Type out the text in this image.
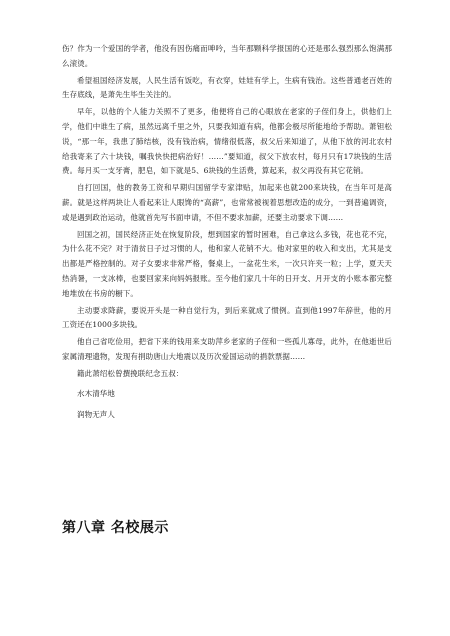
伤？作为一个爱国的学者，他没有因伤痛而呻吟，当年那颗科学报国的心还是那么强烈那么饱满那么滚烫。

希望祖国经济发展，人民生活有饭吃，有衣穿，娃娃有学上，生病有钱治。这些普通老百姓的生存底线，是萧先生毕生关注的。

早年，以他的个人能力关照不了更多，他便将自己的心眼放在老家的子侄们身上，供他们上学，他们中谁生了病，虽然远离千里之外，只要我知道有病，他都会极尽所能地给予帮助。萧钽松说，“那一年，我患了肺结核，没有钱治病，情绪很低落，叔父后来知道了，从他下放的河北农村给我寄来了六十块钱，嘱我快快把病治好！……”要知道，叔父下放农村，每月只有17块钱的生活费。每月买一支牙膏，肥皂，如下就是5、6块钱的生活费，算起来，叔父再没有其它花销。

自打回国，他的教务工资和早期归国留学专家津贴，加起来也就200来块钱，在当年可是高薪。就是这样两块让人看起来让人眼馋的“高薪”，也常常被视着思想改造的成分，一到普遍调资，或是遇到政治运动，他就首先写书面申请，不但不要求加薪，还要主动要求下调……

回国之初，国民经济正处在恢复阶段，想到国家的暂时困难，自己拿这么多钱，花也花不完，为什么花不完？对于清贫日子过习惯的人，他和家人花销不大。他对家里的收入和支出，尤其是支出都是严格控制的。对子女要求非常严格，餐桌上，一盆花生米，一次只许夹一粒；上学，夏天天热消暑，一支冰棒，也要回家来向妈妈报账。至今他们家几十年的日开支、月开支的小账本都完整地堆放在书房的橱下。

主动要求降薪，要说开头是一种自觉行为，到后来就成了惯例。直到他1997年辞世，他的月工资还在1000多块钱。

他自己省吃俭用，把省下来的钱用来支助萍乡老家的子侄和一些孤儿寡母，此外，在他逝世后家属清理遗物，发现有捐助唐山大地震以及历次爱国运动的捐款票据……

籍此萧绍松曾撰挽联纪念五叔：

水木清华地

润物无声人

第八章 名校展示
